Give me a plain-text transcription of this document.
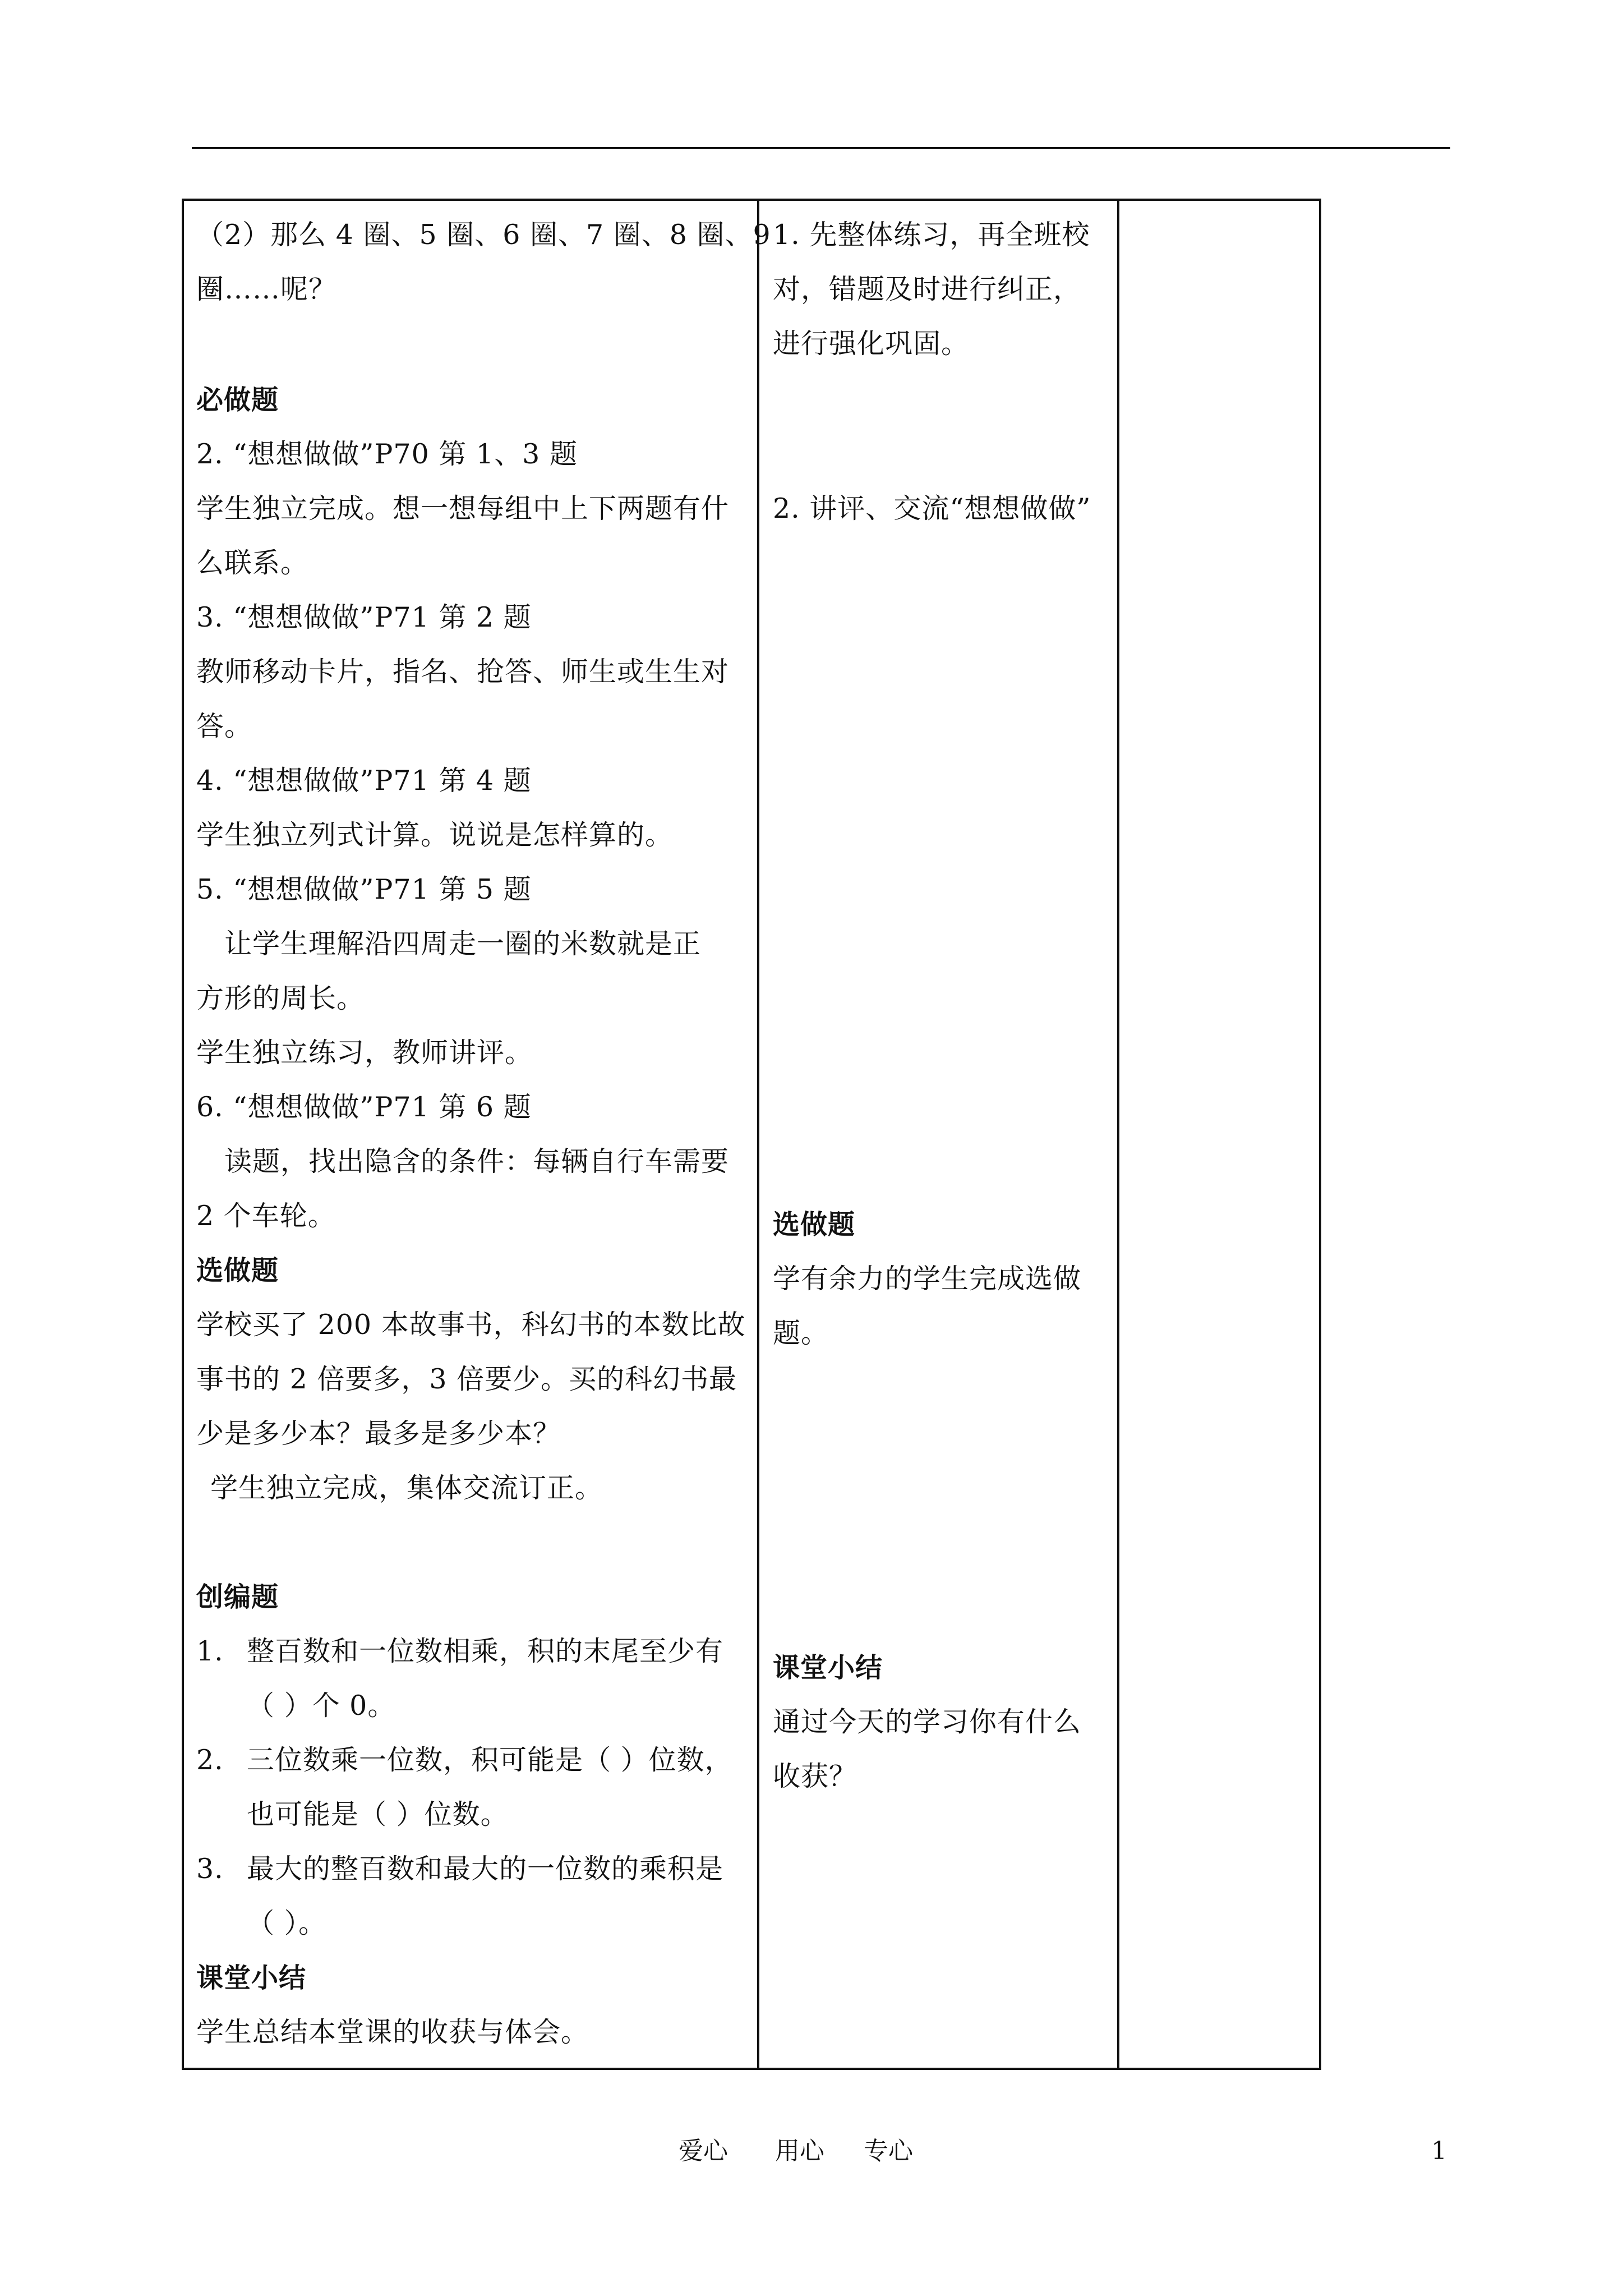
（2）那么 4 圈、5 圈、6 圈、7 圈、8 圈、9
圈……呢？
必做题
2. “想想做做”P70 第 1、3 题
学生独立完成。想一想每组中上下两题有什
么联系。
3. “想想做做”P71 第 2 题
教师移动卡片，指名、抢答、师生或生生对
答。
4. “想想做做”P71 第 4 题
学生独立列式计算。说说是怎样算的。
5. “想想做做”P71 第 5 题
让学生理解沿四周走一圈的米数就是正
方形的周长。
学生独立练习，教师讲评。
6. “想想做做”P71 第 6 题
读题，找出隐含的条件：每辆自行车需要
2 个车轮。
选做题
学校买了 200 本故事书，科幻书的本数比故
事书的 2 倍要多，3 倍要少。买的科幻书最
少是多少本？最多是多少本？
学生独立完成，集体交流订正。
创编题
1. 整百数和一位数相乘，积的末尾至少有
（ ）个 0。
2. 三位数乘一位数，积可能是（ ）位数，
也可能是（ ）位数。
3. 最大的整百数和最大的一位数的乘积是
（ ）。
课堂小结
学生总结本堂课的收获与体会。
1. 先整体练习，再全班校
对，错题及时进行纠正，
进行强化巩固。
2. 讲评、交流“想想做做”
选做题
学有余力的学生完成选做
题。
课堂小结
通过今天的学习你有什么
收获？
爱心 用心 专心	1
